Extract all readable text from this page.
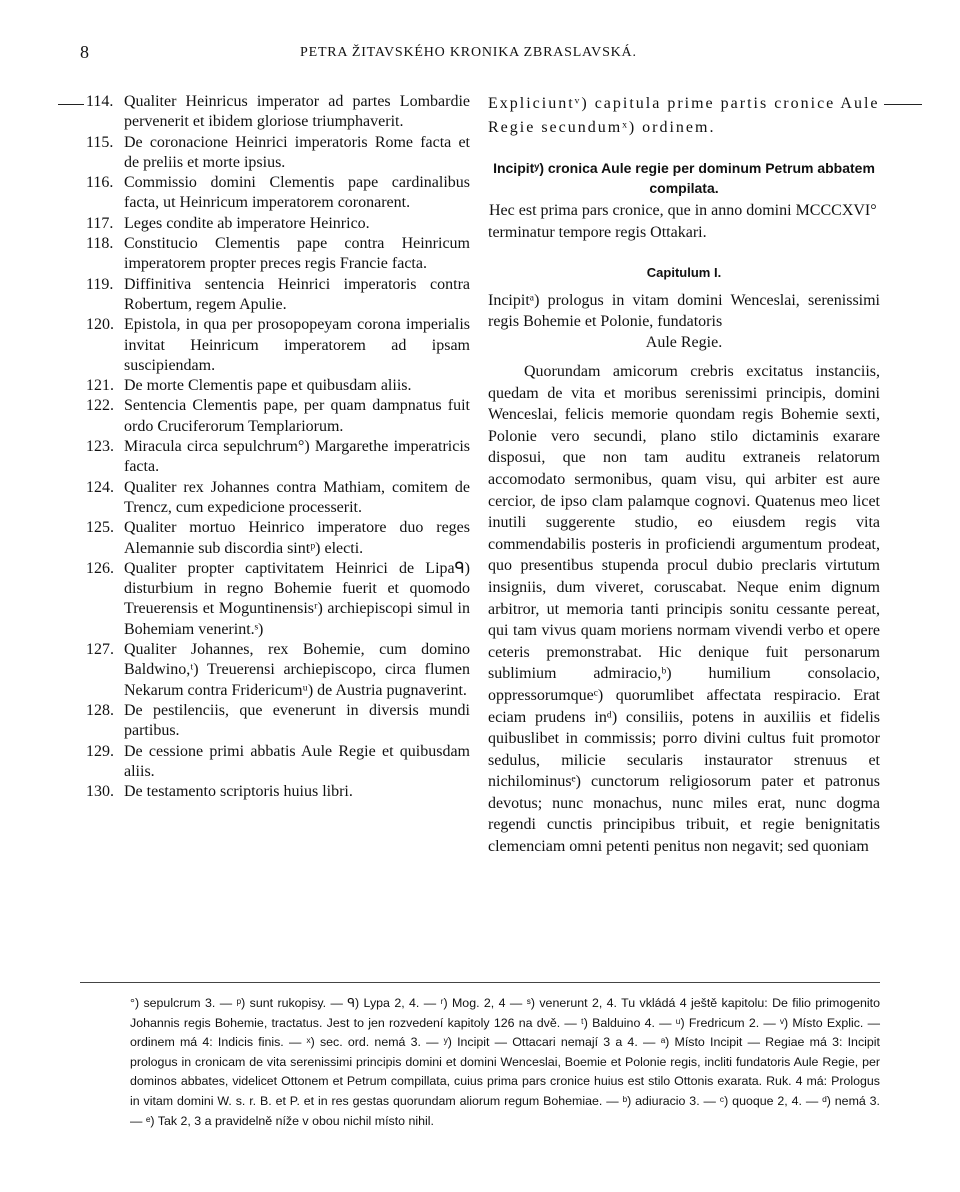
8	PETRA ŽITAVSKÉHO KRONIKA ZBRASLAVSKÁ.
114. Qualiter Heinricus imperator ad partes Lombardie pervenerit et ibidem gloriose triumphaverit.
115. De coronacione Heinrici imperatoris Rome facta et de preliis et morte ipsius.
116. Commissio domini Clementis pape cardinalibus facta, ut Heinricum imperatorem coronarent.
117. Leges condite ab imperatore Heinrico.
118. Constitucio Clementis pape contra Heinricum imperatorem propter preces regis Francie facta.
119. Diffinitiva sentencia Heinrici imperatoris contra Robertum, regem Apulie.
120. Epistola, in qua per prosopopeyam corona imperialis invitat Heinricum imperatorem ad ipsam suscipiendam.
121. De morte Clementis pape et quibusdam aliis.
122. Sentencia Clementis pape, per quam dampnatus fuit ordo Cruciferorum Templariorum.
123. Miracula circa sepulchrum°) Margarethe imperatricis facta.
124. Qualiter rex Johannes contra Mathiam, comitem de Trencz, cum expedicione processerit.
125. Qualiter mortuo Heinrico imperatore duo reges Alemannie sub discordia sintᵖ) electi.
126. Qualiter propter captivitatem Heinrici de Lipaᑫ) disturbium in regno Bohemie fuerit et quomodo Treuerensis et Moguntinensisʳ) archiepiscopi simul in Bohemiam venerint.ˢ)
127. Qualiter Johannes, rex Bohemie, cum domino Baldwino,ᵗ) Treuerensi archiepiscopo, circa flumen Nekarum contra Fridericumᵘ) de Austria pugnaverint.
128. De pestilenciis, que evenerunt in diversis mundi partibus.
129. De cessione primi abbatis Aule Regie et quibusdam aliis.
130. De testamento scriptoris huius libri.
Expliciuntᵛ) capitula prime partis cronice Aule Regie secundumˣ) ordinem.
Incipitʸ) cronica Aule regie per dominum Petrum abbatem compilata.
Hec est prima pars cronice, que in anno domini MCCCXVI° terminatur tempore regis Ottakari.
Capitulum I.
Incipitᵃ) prologus in vitam domini Wenceslai, serenissimi regis Bohemie et Polonie, fundatoris
Aule Regie.
Quorundam amicorum crebris excitatus instanciis, quedam de vita et moribus serenissimi principis, domini Wenceslai, felicis memorie quondam regis Bohemie sexti, Polonie vero secundi, plano stilo dictaminis exarare disposui, que non tam auditu extraneis relatorum accomodato sermonibus, quam visu, qui arbiter est aure cercior, de ipso clam palamque cognovi. Quatenus meo licet inutili suggerente studio, eo eiusdem regis vita commendabilis posteris in proficiendi argumentum prodeat, quo presentibus stupenda procul dubio preclaris virtutum insigniis, dum viveret, coruscabat. Neque enim dignum arbitror, ut memoria tanti principis sonitu cessante pereat, qui tam vivus quam moriens normam vivendi verbo et opere ceteris premonstrabat. Hic denique fuit personarum sublimium admiracio,ᵇ) humilium consolacio, oppressorumqueᶜ) quorumlibet affectata respiracio. Erat eciam prudens inᵈ) consiliis, potens in auxiliis et fidelis quibuslibet in commissis; porro divini cultus fuit promotor sedulus, milicie secularis instaurator strenuus et nichilominusᵉ) cunctorum religiosorum pater et patronus devotus; nunc monachus, nunc miles erat, nunc dogma regendi cunctis principibus tribuit, et regie benignitatis clemenciam omni petenti penitus non negavit; sed quoniam
°) sepulcrum 3. — ᵖ) sunt rukopisy. — ᑫ) Lypa 2, 4. — ʳ) Mog. 2, 4 — ˢ) venerunt 2, 4. Tu vkládá 4 ještě kapitolu: De filio primogenito Johannis regis Bohemie, tractatus. Jest to jen rozvedení kapitoly 126 na dvě. — ᵗ) Balduino 4. — ᵘ) Fredricum 2. — ᵛ) Místo Explic. — ordinem má 4: Indicis finis. — ˣ) sec. ord. nemá 3. — ʸ) Incipit — Ottacari nemají 3 a 4. — ᵃ) Místo Incipit — Regiae má 3: Incipit prologus in cronicam de vita serenissimi principis domini et domini Wenceslai, Boemie et Polonie regis, incliti fundatoris Aule Regie, per dominos abbates, videlicet Ottonem et Petrum compillata, cuius prima pars cronice huius est stilo Ottonis exarata. Ruk. 4 má: Prologus in vitam domini W. s. r. B. et P. et in res gestas quorundam aliorum regum Bohemiae. — ᵇ) adiuracio 3. — ᶜ) quoque 2, 4. — ᵈ) nemá 3. — ᵉ) Tak 2, 3 a pravidelně níže v obou nichil místo nihil.
